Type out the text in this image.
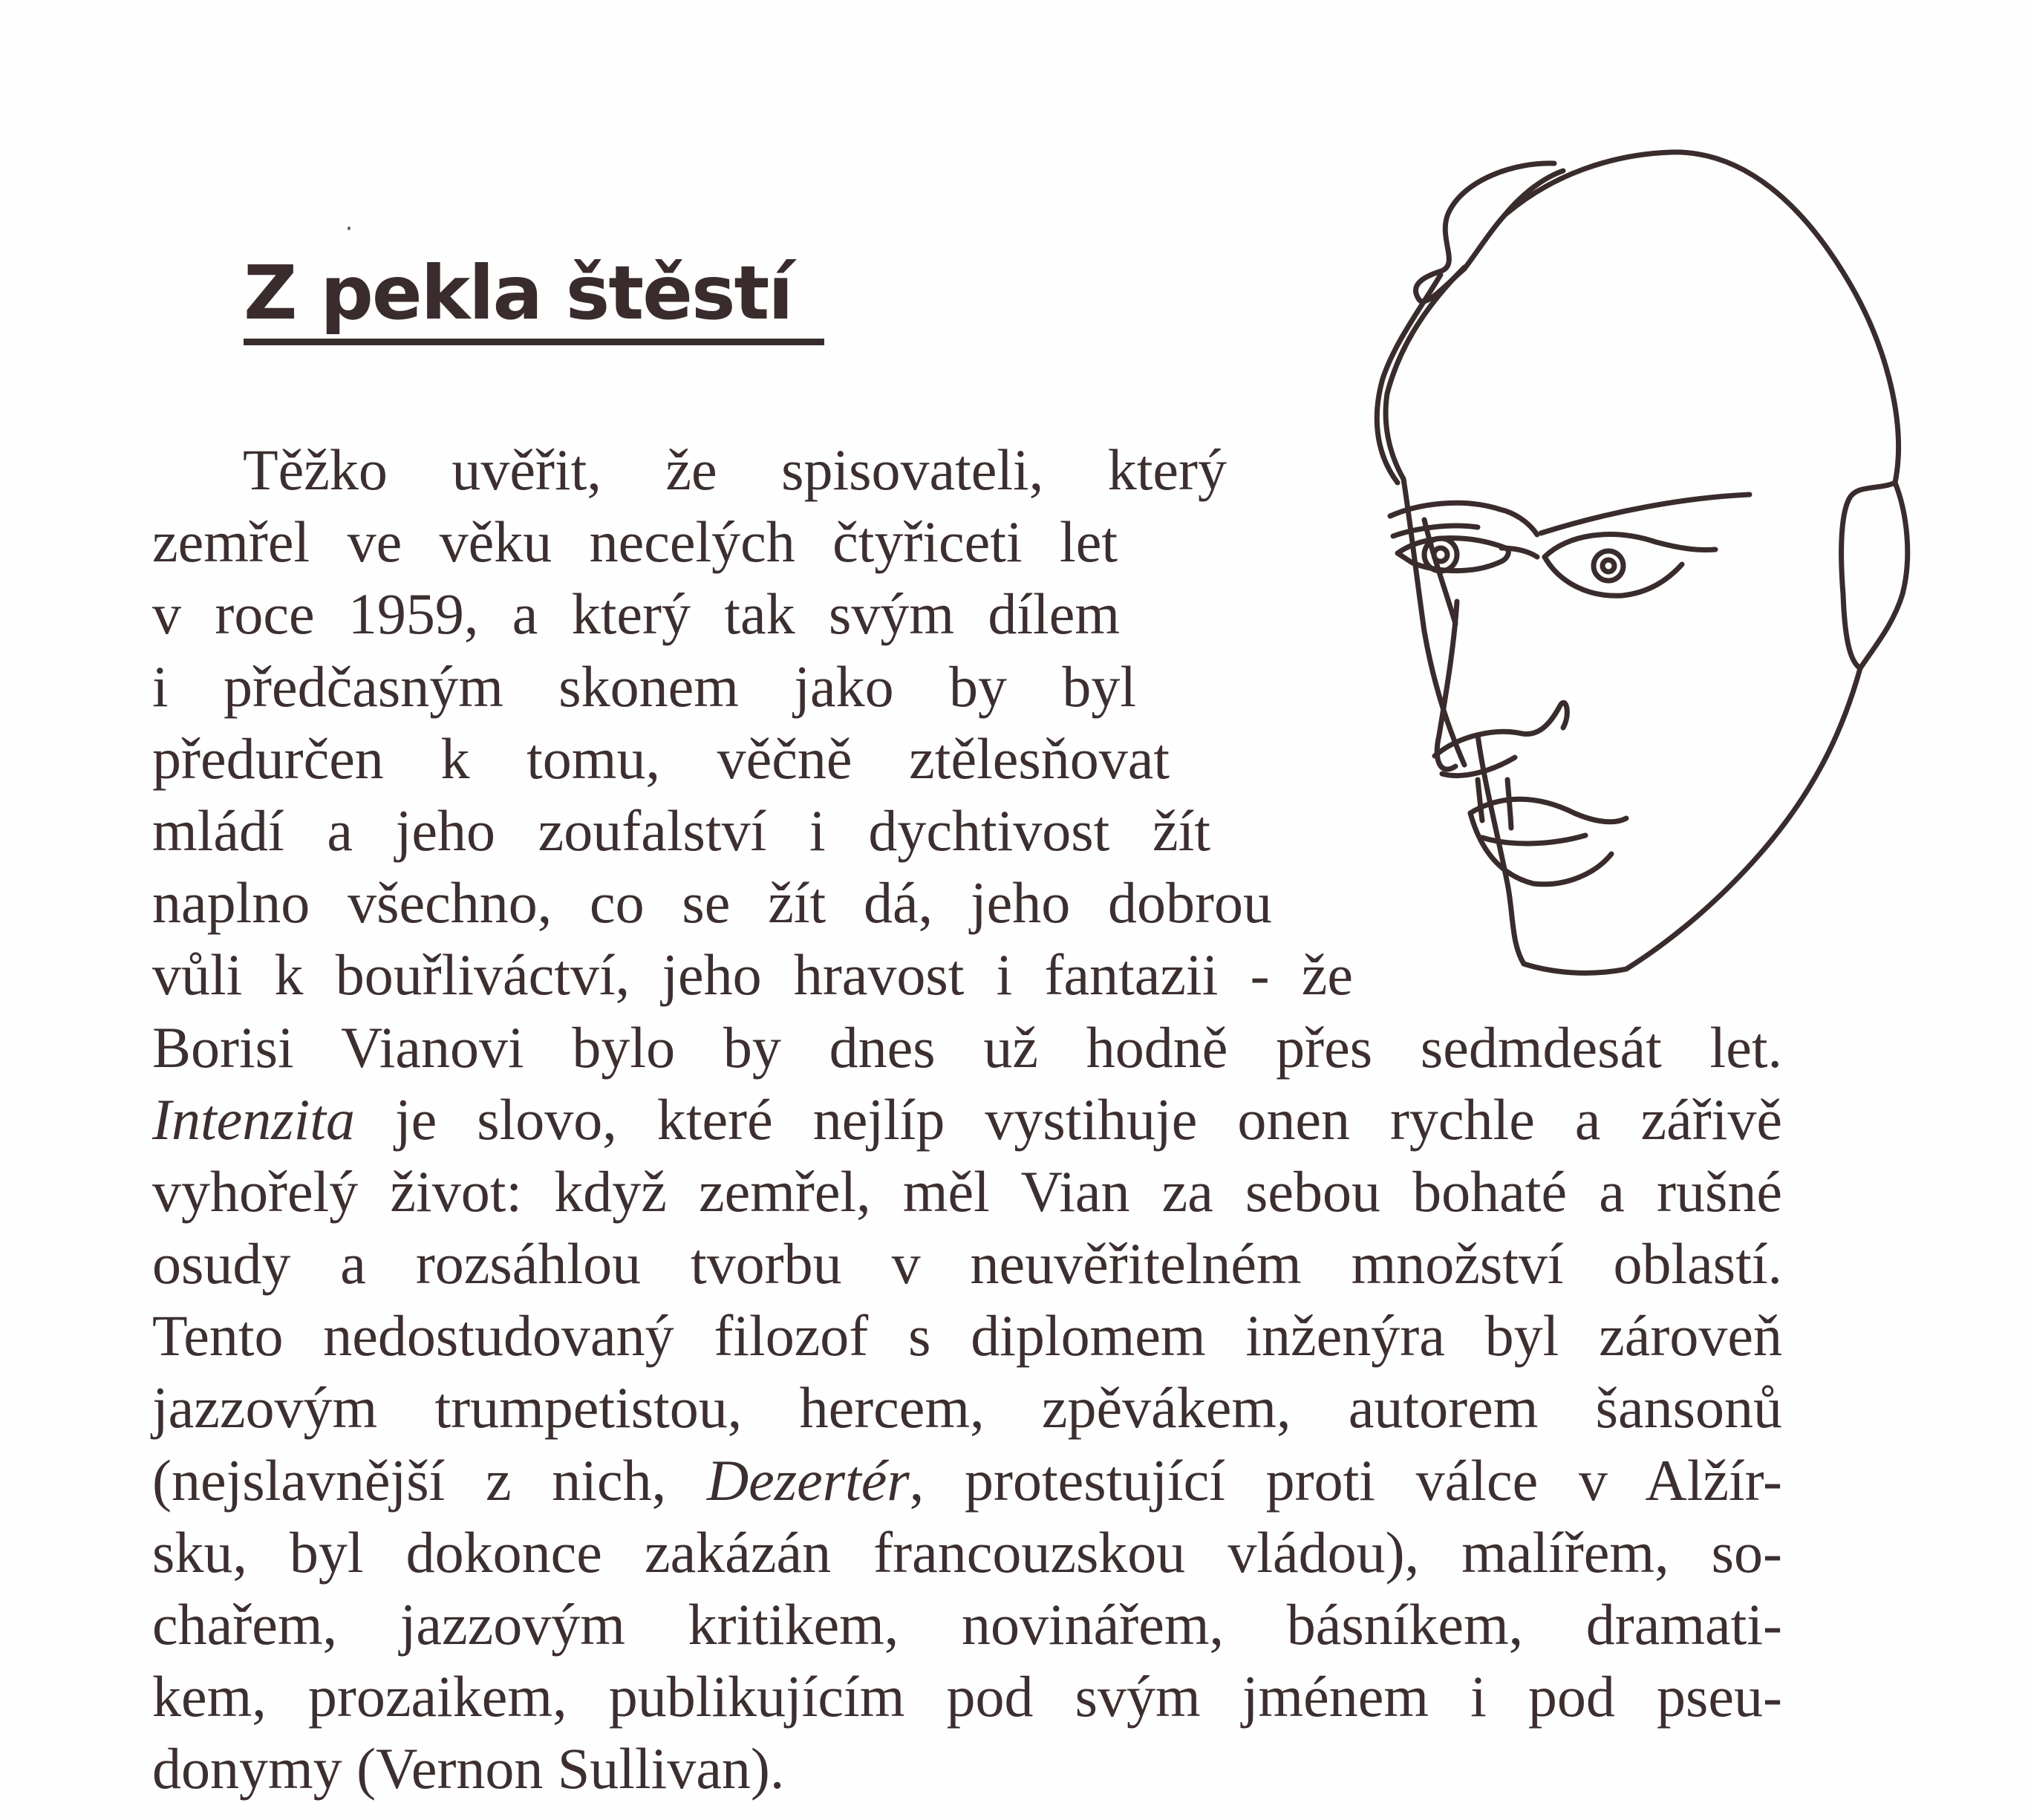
Z pekla štěstí
Těžko uvěřit, že spisovateli, který
zemřel ve věku necelých čtyřiceti let
v roce 1959, a který tak svým dílem
i předčasným skonem jako by byl
předurčen k tomu, věčně ztělesňovat
mládí a jeho zoufalství i dychtivost žít
naplno všechno, co se žít dá, jeho dobrou
vůli k bouřliváctví, jeho hravost i fantazii - že
Borisi Vianovi bylo by dnes už hodně přes sedmdesát let.
Intenzita je slovo, které nejlíp vystihuje onen rychle a zářivě
vyhořelý život: když zemřel, měl Vian za sebou bohaté a rušné
osudy a rozsáhlou tvorbu v neuvěřitelném množství oblastí.
Tento nedostudovaný filozof s diplomem inženýra byl zároveň
jazzovým trumpetistou, hercem, zpěvákem, autorem šansonů
(nejslavnější z nich, Dezertér, protestující proti válce v Alžír-
sku, byl dokonce zakázán francouzskou vládou), malířem, so-
chařem, jazzovým kritikem, novinářem, básníkem, dramati-
kem, prozaikem, publikujícím pod svým jménem i pod pseu-
donymy (Vernon Sullivan).
